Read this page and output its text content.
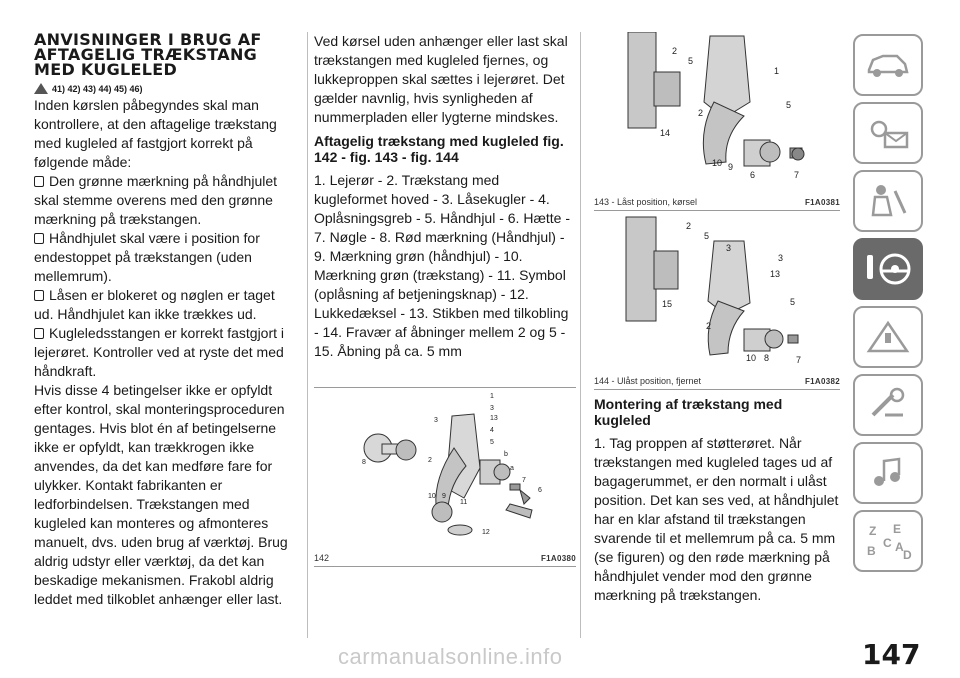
ANVISNINGER I BRUG AF
AFTAGELIG TRÆKSTANG
MED KUGLELED
41) 42) 43) 44) 45) 46)

Inden kørslen påbegyndes skal man kontrollere, at den aftagelige trækstang med kugleled af fastgjort korrekt på følgende måde:

Den grønne mærkning på håndhjulet skal stemme overens med den grønne mærkning på trækstangen.

Håndhjulet skal være i position for endestoppet på trækstangen (uden mellemrum).

Låsen er blokeret og nøglen er taget ud. Håndhjulet kan ikke trækkes ud.

Kugleledsstangen er korrekt fastgjort i lejerøret. Kontroller ved at ryste det med håndkraft.

Hvis disse 4 betingelser ikke er opfyldt efter kontrol, skal monteringsproceduren gentages. Hvis blot én af betingelserne ikke er opfyldt, kan trækkrogen ikke anvendes, da det kan medføre fare for ulykker. Kontakt fabrikanten er ledforbindelsen. Trækstangen med kugleled kan monteres og afmonteres manuelt, dvs. uden brug af værktøj. Brug aldrig udstyr eller værktøj, da det kan beskadige mekanismen. Frakobl aldrig leddet med tilkoblet anhænger eller last.

Ved kørsel uden anhænger eller last skal trækstangen med kugleled fjernes, og lukkeproppen skal sættes i lejerøret. Det gælder navnlig, hvis synligheden af nummerpladen eller lygterne mindskes.

Aftagelig trækstang med kugleled fig. 142 - fig. 143 - fig. 144

1. Lejerør - 2. Trækstang med kugleformet hoved - 3. Låsekugler - 4. Oplåsningsgreb - 5. Håndhjul - 6. Hætte - 7. Nøgle - 8. Rød mærkning (Håndhjul) - 9. Mærkning grøn (håndhjul) - 10. Mærkning grøn (trækstang) - 11. Symbol (oplåsning af betjeningsknap) - 12. Lukkedæksel - 13. Stikben med tilkobling - 14. Fravær af åbninger mellem 2 og 5 - 15. Åbning på ca. 5 mm

1
3
3
13
4
5
b
a
7
6
8	2
10 9
11
12
142	F1A0380
2
5
1
2
5
14
10 9
6	7
143 - Låst position, kørsel	F1A0381
2
5
3
3
13
15	5
2
10 8	7
144 - Ulåst position, fjernet	F1A0382
Montering af trækstang med kugleled

1. Tag proppen af støtterøret. Når trækstangen med kugleled tages ud af bagagerummet, er den normalt i ulåst position. Det kan ses ved, at håndhjulet har en klar afstand til trækstangen svarende til et mellemrum på ca. 5 mm (se figuren) og den røde mærkning på håndhjulet vender mod den grønne mærkning på trækstangen.

Z E
B
C A
D
147
carmanualsonline.info
